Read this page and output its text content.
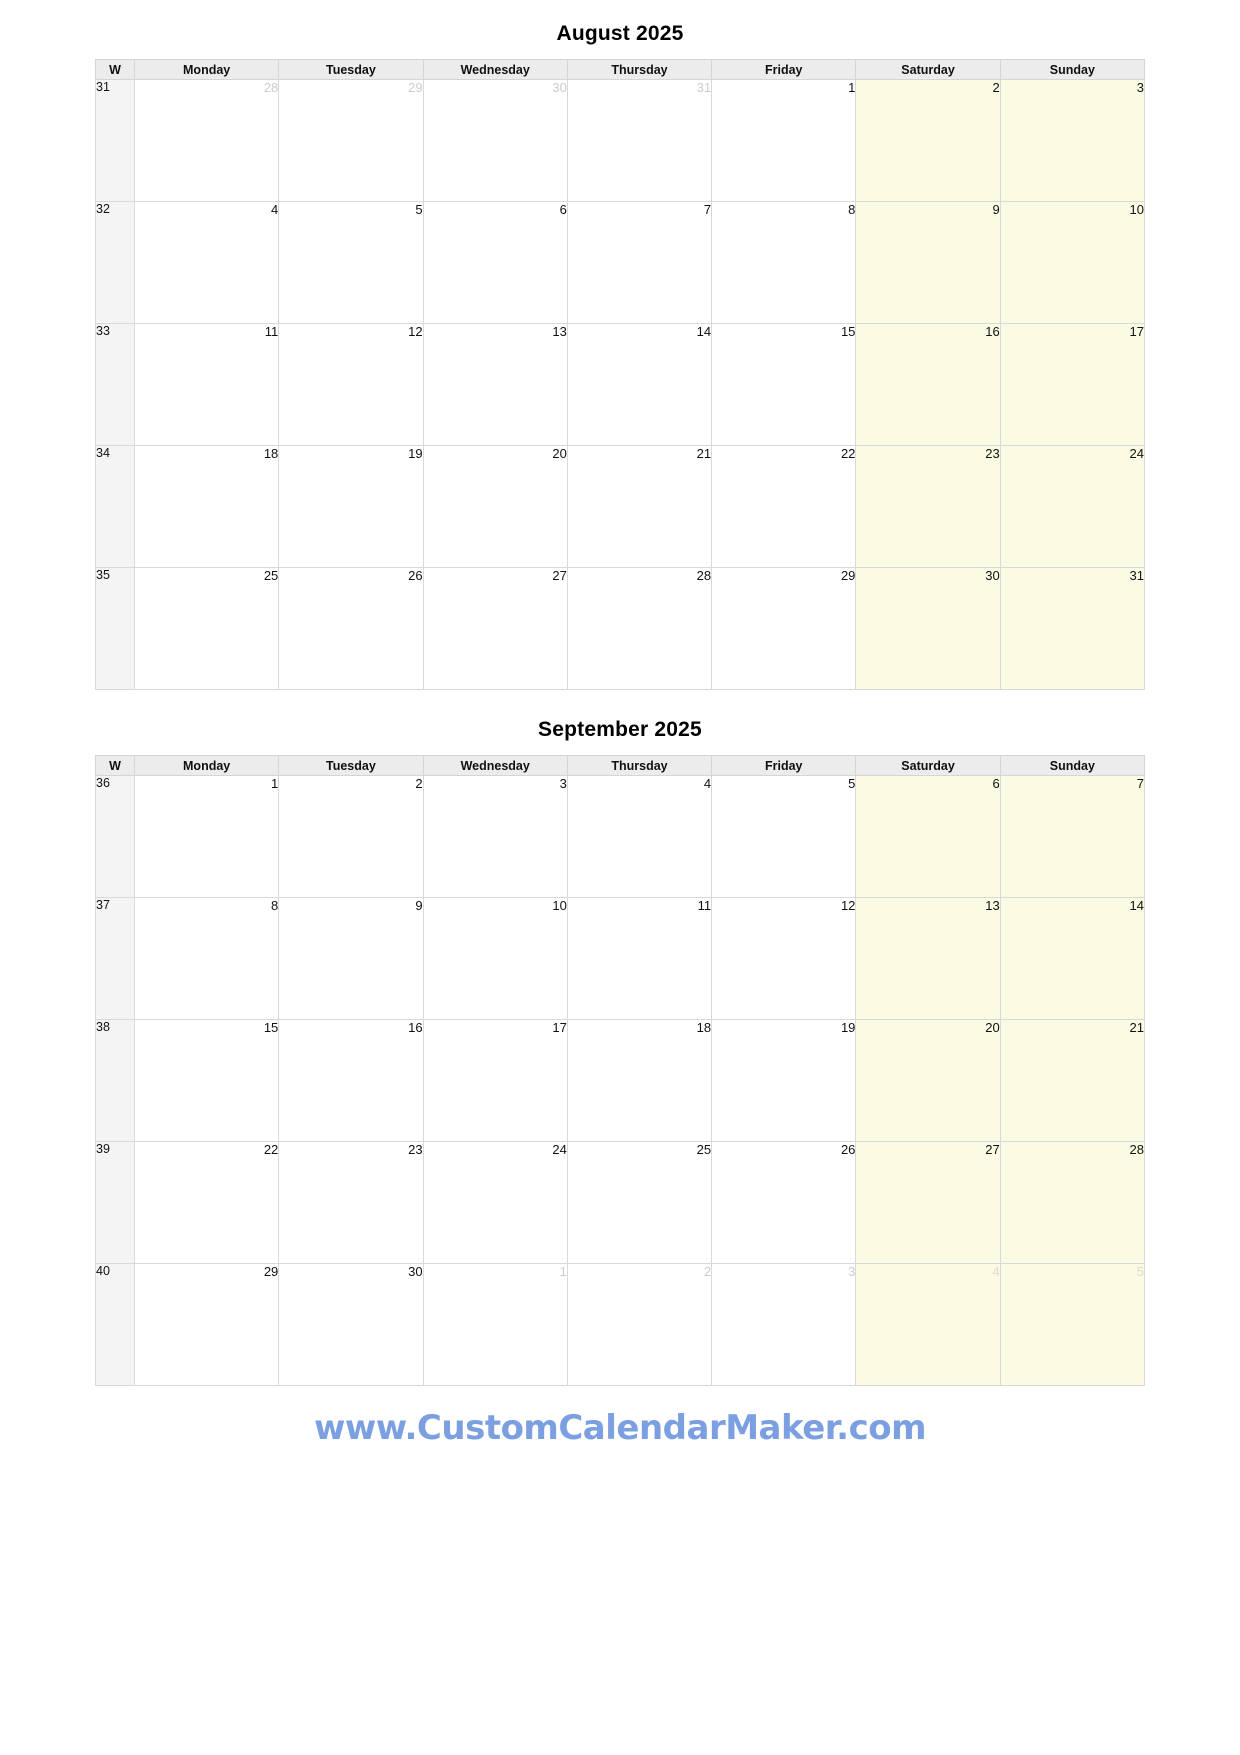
August 2025
W	Monday	Tuesday	Wednesday	Thursday	Friday	Saturday	Sunday
31	28	29	30	31	1	2	3
32	4	5	6	7	8	9	10
33	11	12	13	14	15	16	17
34	18	19	20	21	22	23	24
35	25	26	27	28	29	30	31
September 2025
W	Monday	Tuesday	Wednesday	Thursday	Friday	Saturday	Sunday
36	1	2	3	4	5	6	7
37	8	9	10	11	12	13	14
38	15	16	17	18	19	20	21
39	22	23	24	25	26	27	28
40	29	30	1	2	3	4	5
www.CustomCalendarMaker.com
